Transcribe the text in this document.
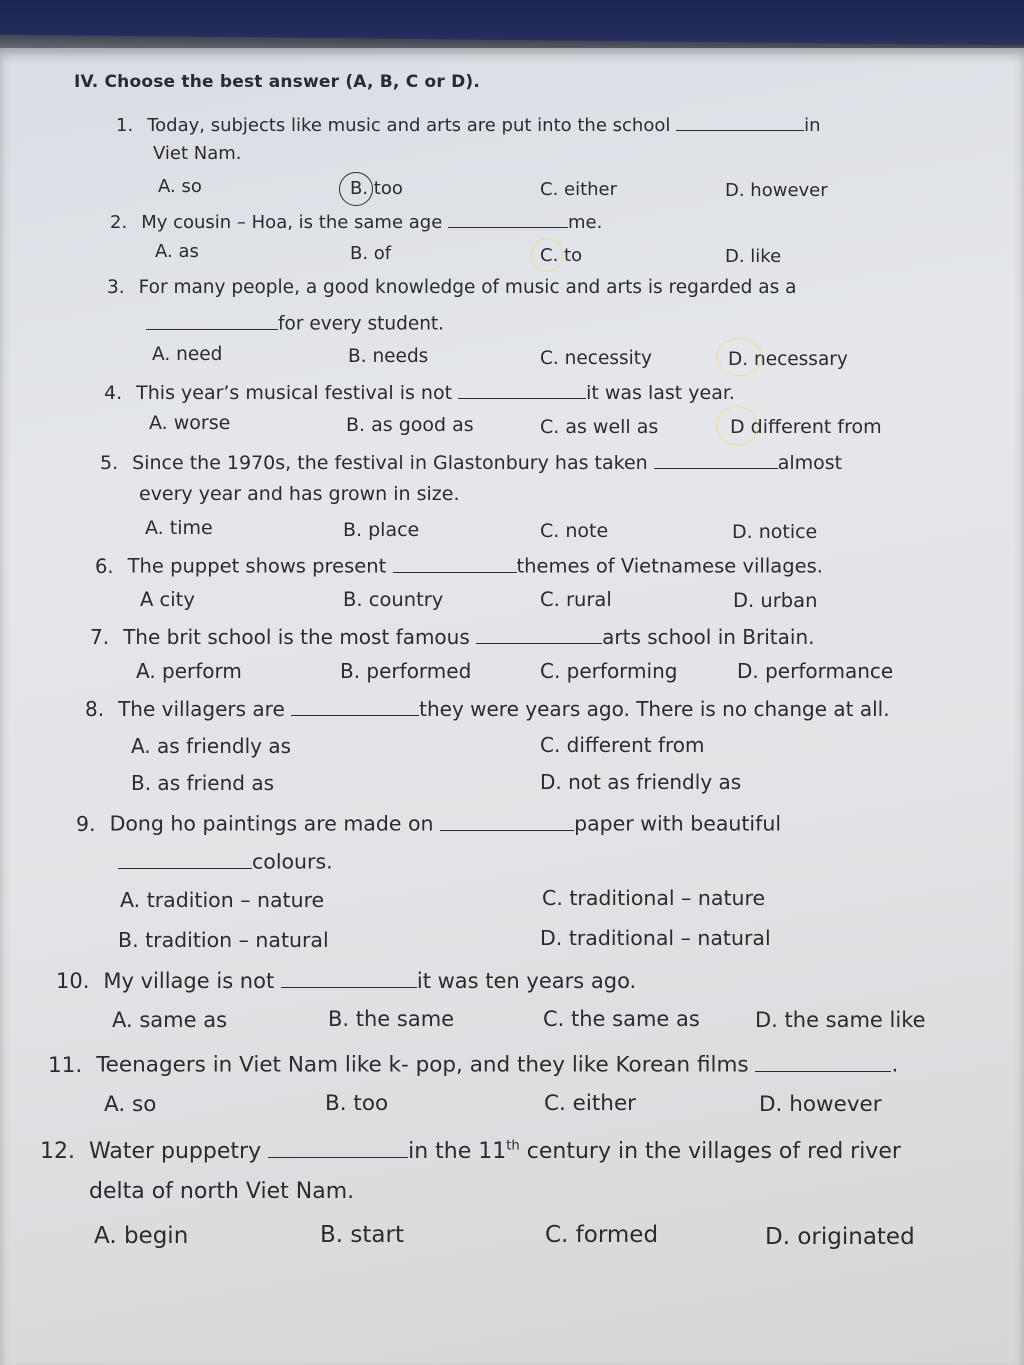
IV. Choose the best answer (A, B, C or D).
1. Today, subjects like music and arts are put into the school	in
Viet Nam.
A. so	B. too	C. either	D. however
2. My cousin – Hoa, is the same age	me.
A. as	B. of	C. to	D. like
3. For many people, a good knowledge of music and arts is regarded as a
for every student.
A. need	B. needs	C. necessity	D. necessary
4. This year’s musical festival is not	it was last year.
A. worse	B. as good as	C. as well as	D different from
5. Since the 1970s, the festival in Glastonbury has taken	almost
every year and has grown in size.
A. time	B. place	C. note	D. notice
6. The puppet shows present	themes of Vietnamese villages.
A city	B. country	C. rural	D. urban
7. The brit school is the most famous	arts school in Britain.
A. perform	B. performed	C. performing	D. performance
8. The villagers are	they were years ago. There is no change at all.
A. as friendly as	C. different from
B. as friend as	D. not as friendly as
9. Dong ho paintings are made on	paper with beautiful
colours.
A. tradition – nature	C. traditional – nature
B. tradition – natural	D. traditional – natural
10. My village is not	it was ten years ago.
A. same as	B. the same	C. the same as	D. the same like
11. Teenagers in Viet Nam like k- pop, and they like Korean films	.
A. so	B. too	C. either	D. however
12. Water puppetry	in the 11th century in the villages of red river
delta of north Viet Nam.
A. begin	B. start	C. formed	D. originated
